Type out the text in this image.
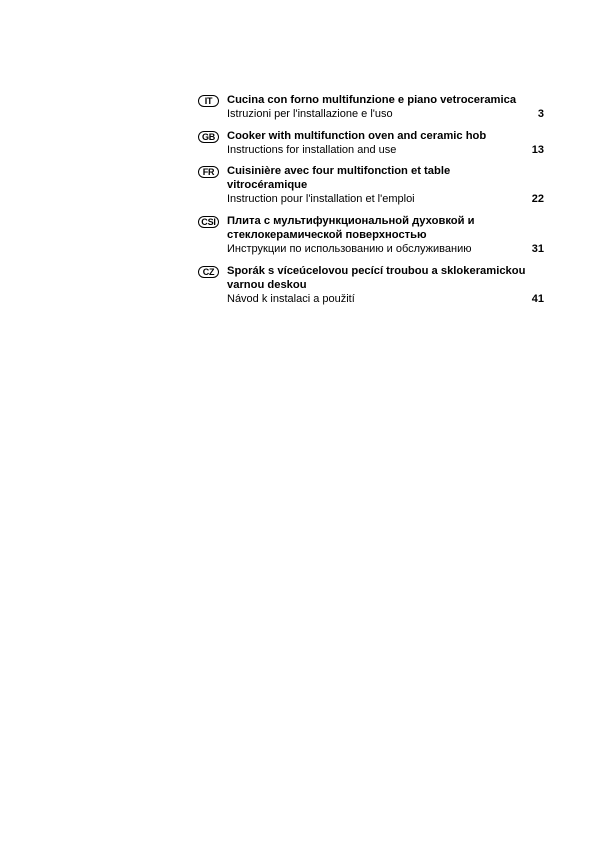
IT	Cucina con forno multifunzione e piano vetroceramica
Istruzioni per l'installazione e l'uso	3
GB	Cooker with multifunction oven and ceramic hob
Instructions for installation and use	13
FR	Cuisinière avec four multifonction et table vitrocéramique
Instruction pour l'installation et l'emploi	22
CSI Плита с мультифункциональной духовкой и стеклокерамической поверхностью
Инструкции по использованию и обслуживанию	31
CZ	Sporák s víceúcelovou pecící troubou a sklokeramickou varnou deskou
Návod k instalaci a použití	41
